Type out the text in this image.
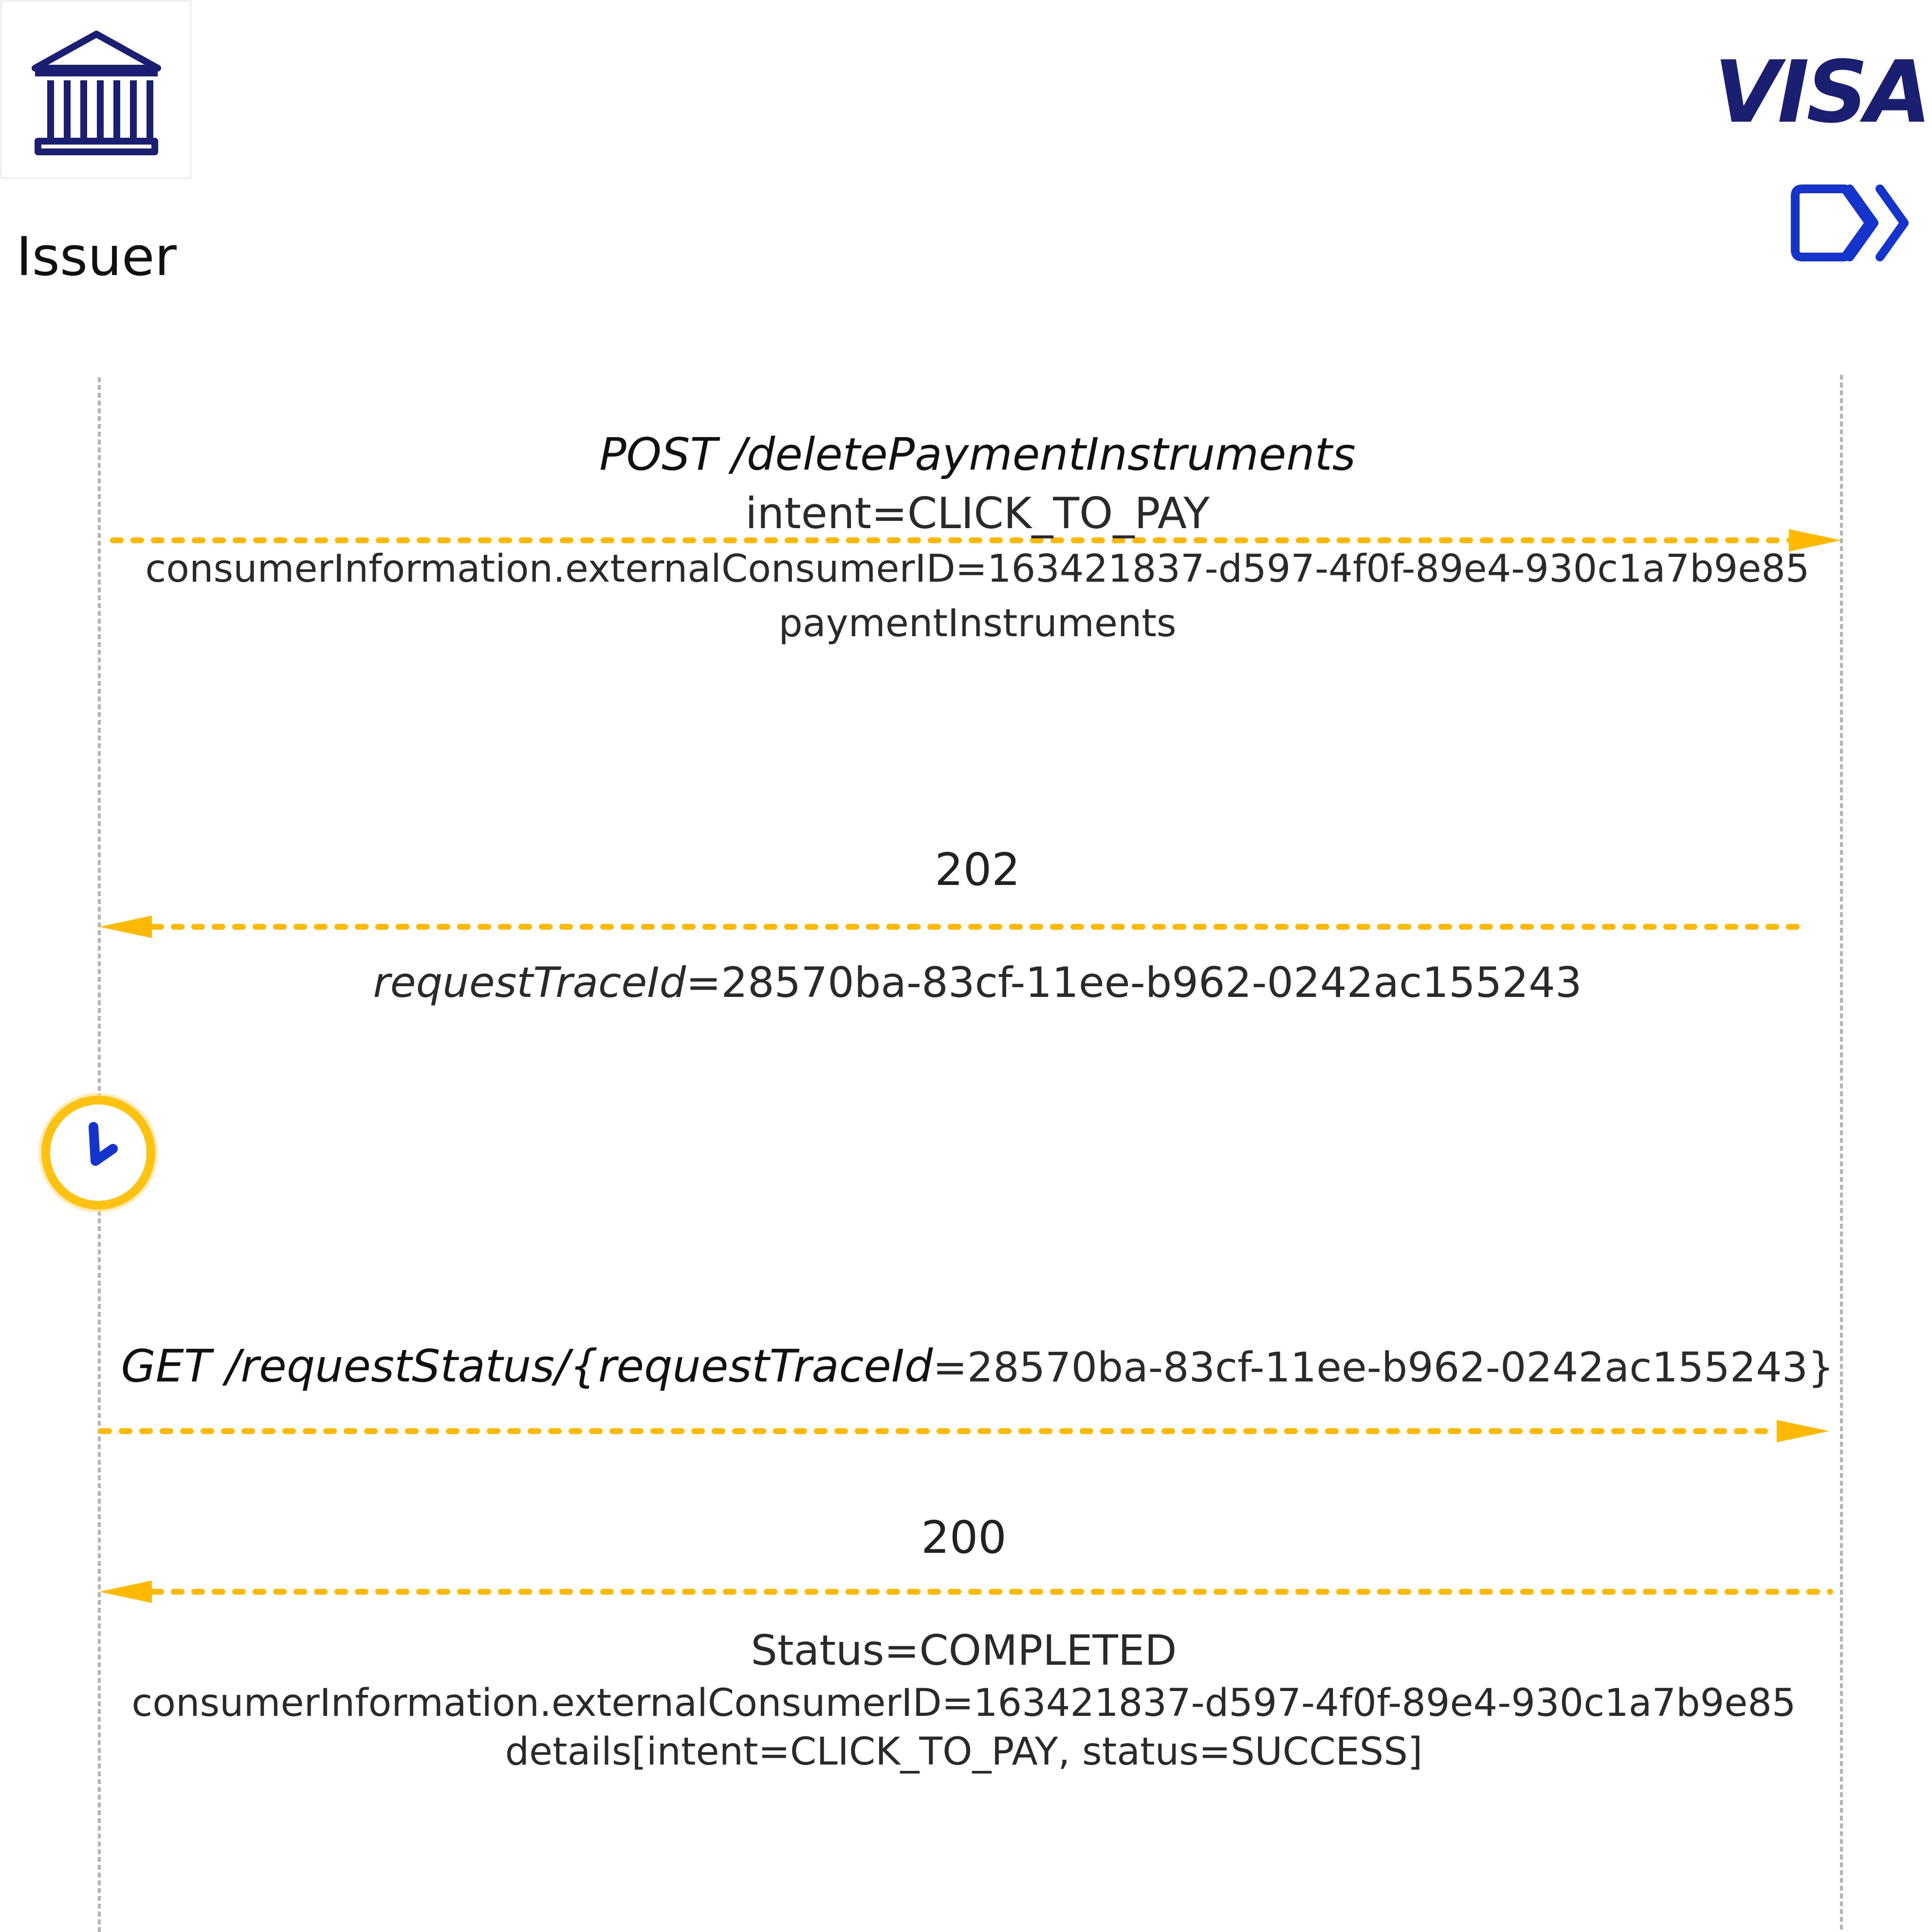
Issuer
VISA
POST /deletePaymentInstruments
intent=CLICK_TO_PAY
consumerInformation.externalConsumerID=163421837-d597-4f0f-89e4-930c1a7b9e85
paymentInstruments
202
requestTraceId=28570ba-83cf-11ee-b962-0242ac155243
GET /requestStatus/{requestTraceId=28570ba-83cf-11ee-b962-0242ac155243}
200
Status=COMPLETED
consumerInformation.externalConsumerID=163421837-d597-4f0f-89e4-930c1a7b9e85
details[intent=CLICK_TO_PAY, status=SUCCESS]
